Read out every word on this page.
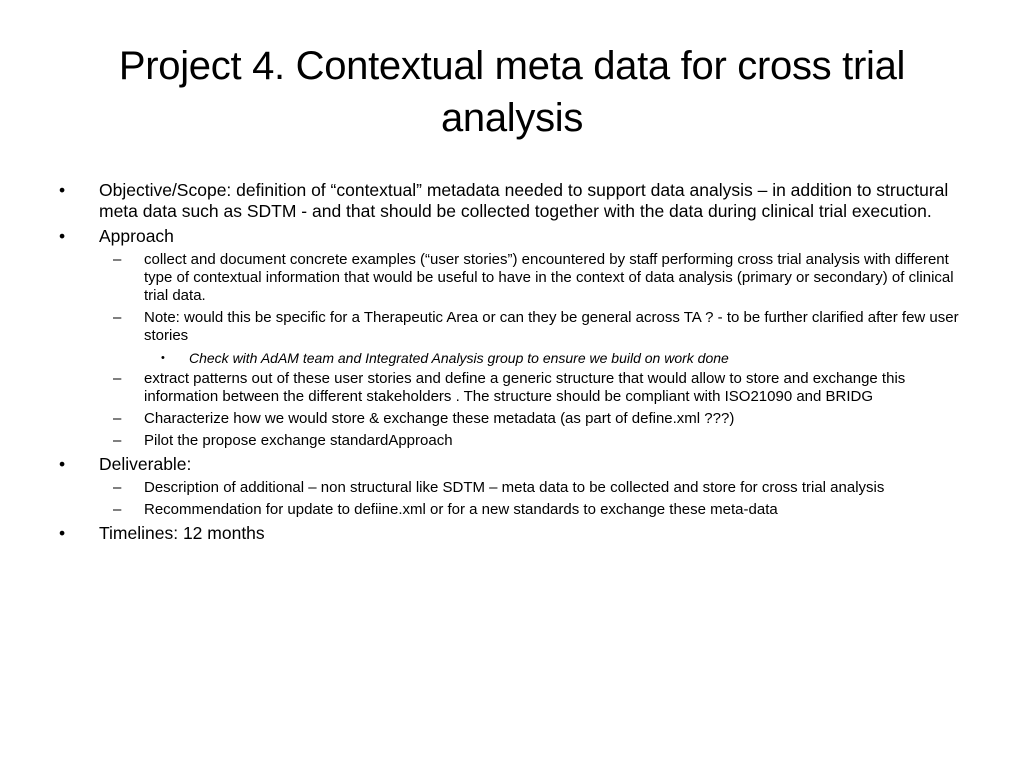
Project 4. Contextual meta data for cross trial analysis
• Objective/Scope: definition of “contextual” metadata needed to support data analysis – in addition to structural meta data such as SDTM - and that should be collected together with the data during clinical trial execution.
• Approach
– collect and document concrete examples (“user stories”) encountered by staff performing cross trial analysis with different type of contextual information that would be useful to have in the context of data analysis (primary or secondary) of clinical trial data.
– Note: would this be specific for a Therapeutic Area or can they be general across TA ? - to be further clarified after few user stories
• Check with AdAM team and Integrated Analysis group to ensure we build on work done
– extract patterns out of these user stories and define a generic structure that would allow to store and exchange this information between the different stakeholders . The structure should be compliant with ISO21090 and BRIDG
– Characterize how we would store & exchange these metadata (as part of define.xml ???)
– Pilot the propose exchange standardApproach
• Deliverable:
– Description of additional – non structural like SDTM – meta data to be collected and store for cross trial analysis
– Recommendation for update to defiine.xml or for a new standards to exchange these meta-data
• Timelines: 12 months
